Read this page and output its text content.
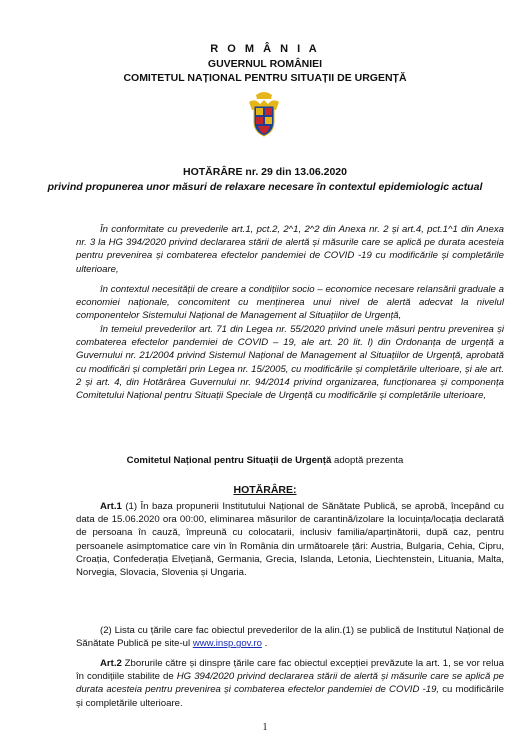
R O M Â N I A
GUVERNUL ROMÂNIEI
COMITETUL NAȚIONAL PENTRU SITUAȚII DE URGENȚĂ
HOTĂRÂRE nr. 29 din 13.06.2020
privind propunerea unor măsuri de relaxare necesare în contextul epidemiologic actual
În conformitate cu prevederile art.1, pct.2, 2^1, 2^2 din Anexa nr. 2 și art.4, pct.1^1 din Anexa nr. 3 la HG 394/2020 privind declararea stării de alertă și măsurile care se aplică pe durata acesteia pentru prevenirea și combaterea efectelor pandemiei de COVID -19 cu modificările și completările ulterioare,
în contextul necesității de creare a condițiilor socio – economice necesare relansării graduale a economiei naționale, concomitent cu menținerea unui nivel de alertă adecvat la nivelul componentelor Sistemului Național de Management al Situațiilor de Urgență,
în temeiul prevederilor art. 71 din Legea nr. 55/2020 privind unele măsuri pentru prevenirea și combaterea efectelor pandemiei de COVID – 19, ale art. 20 lit. l) din Ordonanța de urgență a Guvernului nr. 21/2004 privind Sistemul Național de Management al Situațiilor de Urgență, aprobată cu modificări și completări prin Legea nr. 15/2005, cu modificările și completările ulterioare, și ale art. 2 și art. 4, din Hotărârea Guvernului nr. 94/2014 privind organizarea, funcționarea și componența Comitetului Național pentru Situații Speciale de Urgență cu modificările și completările ulterioare,
Comitetul Național pentru Situații de Urgență adoptă prezenta
HOTĂRÂRE:
Art.1 (1) În baza propunerii Institutului Național de Sănătate Publică, se aprobă, începând cu data de 15.06.2020 ora 00:00, eliminarea măsurilor de carantină/izolare la locuința/locația declarată de persoana în cauză, împreună cu colocatarii, inclusiv familia/aparținătorii, după caz, pentru persoanele asimptomatice care vin în România din următoarele țări: Austria, Bulgaria, Cehia, Cipru, Croația, Confederația Elvețiană, Germania, Grecia, Islanda, Letonia, Liechtenstein, Lituania, Malta, Norvegia, Slovacia, Slovenia și Ungaria.
(2) Lista cu țările care fac obiectul prevederilor de la alin.(1) se publică de Institutul Național de Sănătate Publică pe site-ul www.insp.gov.ro .
Art.2 Zborurile către și dinspre țările care fac obiectul excepției prevăzute la art. 1, se vor relua în condițiile stabilite de HG 394/2020 privind declararea stării de alertă și măsurile care se aplică pe durata acesteia pentru prevenirea și combaterea efectelor pandemiei de COVID -19, cu modificările și completările ulterioare.
1
